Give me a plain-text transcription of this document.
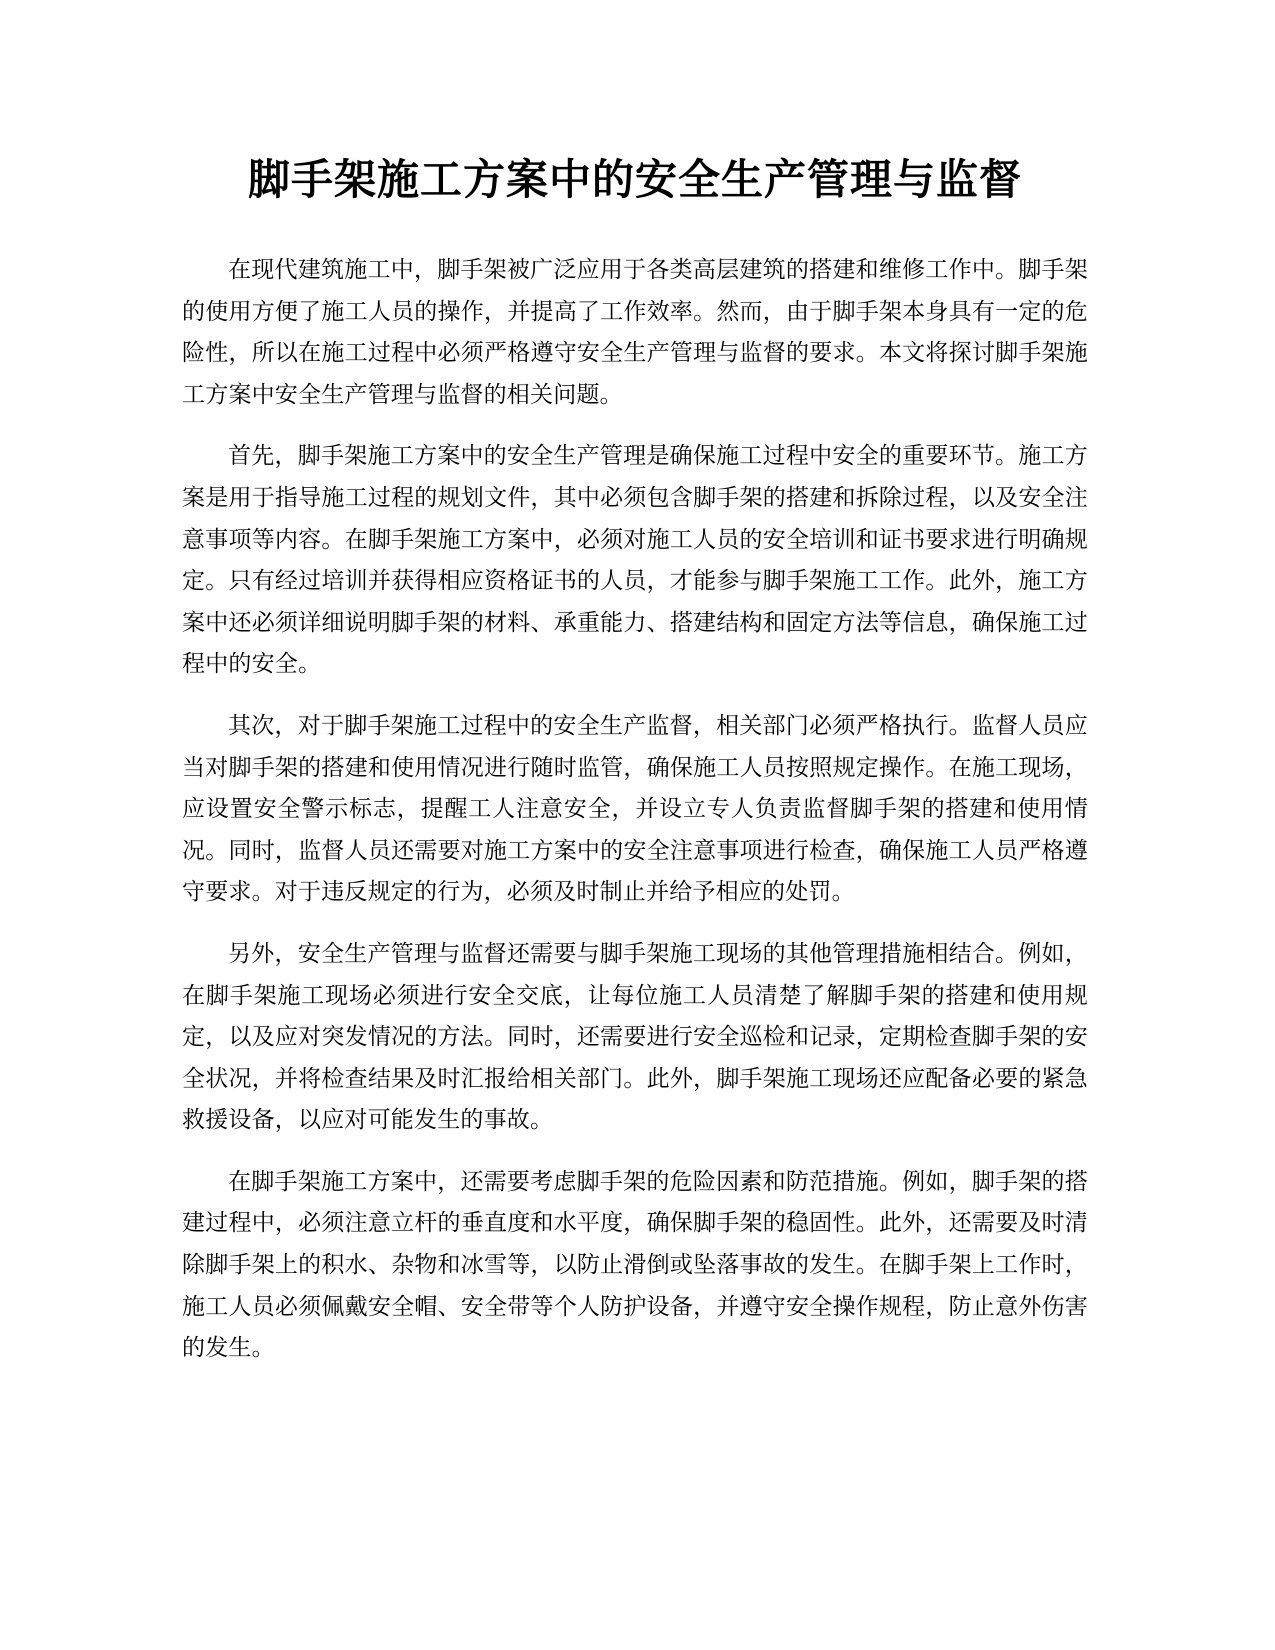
脚手架施工方案中的安全生产管理与监督

在现代建筑施工中，脚手架被广泛应用于各类高层建筑的搭建和维修工作中。脚手架的使用方便了施工人员的操作，并提高了工作效率。然而，由于脚手架本身具有一定的危险性，所以在施工过程中必须严格遵守安全生产管理与监督的要求。本文将探讨脚手架施工方案中安全生产管理与监督的相关问题。

首先，脚手架施工方案中的安全生产管理是确保施工过程中安全的重要环节。施工方案是用于指导施工过程的规划文件，其中必须包含脚手架的搭建和拆除过程，以及安全注意事项等内容。在脚手架施工方案中，必须对施工人员的安全培训和证书要求进行明确规定。只有经过培训并获得相应资格证书的人员，才能参与脚手架施工工作。此外，施工方案中还必须详细说明脚手架的材料、承重能力、搭建结构和固定方法等信息，确保施工过程中的安全。

其次，对于脚手架施工过程中的安全生产监督，相关部门必须严格执行。监督人员应当对脚手架的搭建和使用情况进行随时监管，确保施工人员按照规定操作。在施工现场，应设置安全警示标志，提醒工人注意安全，并设立专人负责监督脚手架的搭建和使用情况。同时，监督人员还需要对施工方案中的安全注意事项进行检查，确保施工人员严格遵守要求。对于违反规定的行为，必须及时制止并给予相应的处罚。

另外，安全生产管理与监督还需要与脚手架施工现场的其他管理措施相结合。例如，在脚手架施工现场必须进行安全交底，让每位施工人员清楚了解脚手架的搭建和使用规定，以及应对突发情况的方法。同时，还需要进行安全巡检和记录，定期检查脚手架的安全状况，并将检查结果及时汇报给相关部门。此外，脚手架施工现场还应配备必要的紧急救援设备，以应对可能发生的事故。

在脚手架施工方案中，还需要考虑脚手架的危险因素和防范措施。例如，脚手架的搭建过程中，必须注意立杆的垂直度和水平度，确保脚手架的稳固性。此外，还需要及时清除脚手架上的积水、杂物和冰雪等，以防止滑倒或坠落事故的发生。在脚手架上工作时，施工人员必须佩戴安全帽、安全带等个人防护设备，并遵守安全操作规程，防止意外伤害的发生。
